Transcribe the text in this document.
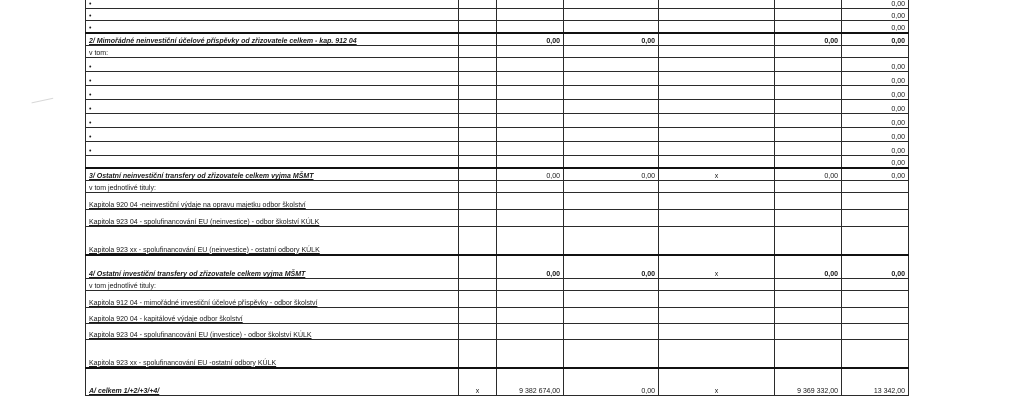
•						0,00
•						0,00
•						0,00
2/ Mimořádné neinvestiční účelové příspěvky od zřizovatele celkem - kap. 912 04		0,00	0,00		0,00	0,00
v tom:						
•						0,00
•						0,00
•						0,00
•						0,00
•						0,00
•						0,00
•						0,00
						0,00
3/ Ostatní neinvestiční transfery od zřizovatele celkem vyjma MŠMT		0,00	0,00	x	0,00	0,00
v tom jednotlivé tituly:						
Kapitola 920 04 -neinvestiční výdaje na opravu majetku odbor školství						
Kapitola 923 04 - spolufinancování EU (neinvestice) - odbor školství KÚLK						
Kapitola 923 xx - spolufinancování EU (neinvestice) - ostatní odbory KÚLK						
4/ Ostatní investiční transfery od zřizovatele celkem vyjma MŠMT		0,00	0,00	x	0,00	0,00
v tom jednotlivé tituly:						
Kapitola 912 04 - mimořádné investiční účelové příspěvky - odbor školství						
Kapitola 920 04 - kapitálové výdaje odbor školství						
Kapitola 923 04 - spolufinancování EU (investice) - odbor školství KÚLK						
Kapitola 923 xx - spolufinancování EU -ostatní odbory KÚLK						
A/ celkem 1/+2/+3/+4/	x	9 382 674,00	0,00	x	9 369 332,00	13 342,00
